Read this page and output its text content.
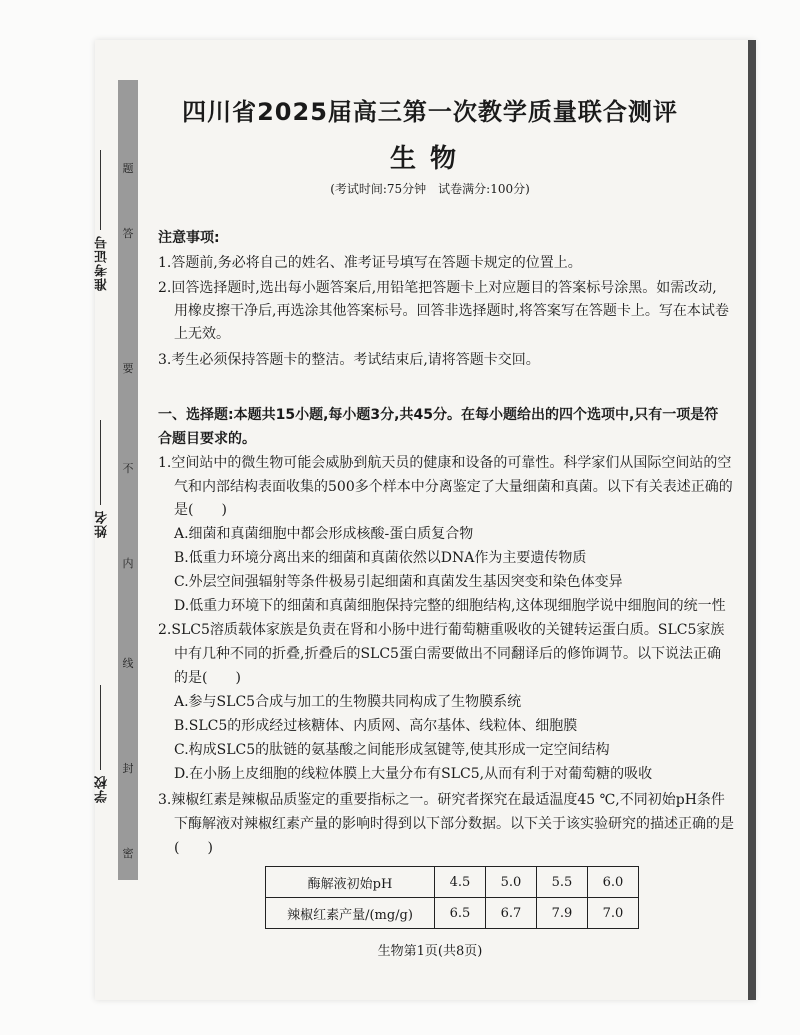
准考证号
姓名
学校
题
答
要
不
内
线
封
密
四川省2025届高三第一次教学质量联合测评
生物
(考试时间:75分钟　试卷满分:100分)
注意事项:
1.答题前,务必将自己的姓名、准考证号填写在答题卡规定的位置上。
2.回答选择题时,选出每小题答案后,用铅笔把答题卡上对应题目的答案标号涂黑。如需改动,
用橡皮擦干净后,再选涂其他答案标号。回答非选择题时,将答案写在答题卡上。写在本试卷
上无效。
3.考生必须保持答题卡的整洁。考试结束后,请将答题卡交回。
一、选择题:本题共15小题,每小题3分,共45分。在每小题给出的四个选项中,只有一项是符
合题目要求的。
1.空间站中的微生物可能会威胁到航天员的健康和设备的可靠性。科学家们从国际空间站的空
气和内部结构表面收集的500多个样本中分离鉴定了大量细菌和真菌。以下有关表述正确的
是(　　)
A.细菌和真菌细胞中都会形成核酸-蛋白质复合物
B.低重力环境分离出来的细菌和真菌依然以DNA作为主要遗传物质
C.外层空间强辐射等条件极易引起细菌和真菌发生基因突变和染色体变异
D.低重力环境下的细菌和真菌细胞保持完整的细胞结构,这体现细胞学说中细胞间的统一性
2.SLC5溶质载体家族是负责在肾和小肠中进行葡萄糖重吸收的关键转运蛋白质。SLC5家族
中有几种不同的折叠,折叠后的SLC5蛋白需要做出不同翻译后的修饰调节。以下说法正确
的是(　　)
A.参与SLC5合成与加工的生物膜共同构成了生物膜系统
B.SLC5的形成经过核糖体、内质网、高尔基体、线粒体、细胞膜
C.构成SLC5的肽链的氨基酸之间能形成氢键等,使其形成一定空间结构
D.在小肠上皮细胞的线粒体膜上大量分布有SLC5,从而有利于对葡萄糖的吸收
3.辣椒红素是辣椒品质鉴定的重要指标之一。研究者探究在最适温度45 ℃,不同初始pH条件
下酶解液对辣椒红素产量的影响时得到以下部分数据。以下关于该实验研究的描述正确的是
(　　)
酶解液初始pH	4.5	5.0	5.5	6.0
辣椒红素产量/(mg/g)	6.5	6.7	7.9	7.0
生物第1页(共8页)
